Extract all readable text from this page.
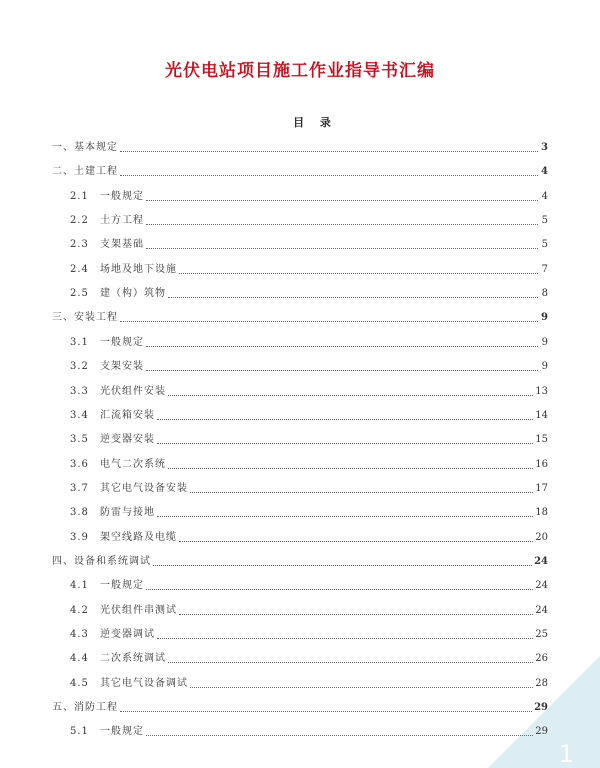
光伏电站项目施工作业指导书汇编
目 录
一、基本规定	3
二、土建工程	4
2.1	一般规定	4
2.2	土方工程	5
2.3	支架基础	5
2.4	场地及地下设施	7
2.5	建（构）筑物	8
三、安装工程	9
3.1	一般规定	9
3.2	支架安装	9
3.3	光伏组件安装	13
3.4	汇流箱安装	14
3.5	逆变器安装	15
3.6	电气二次系统	16
3.7	其它电气设备安装	17
3.8	防雷与接地	18
3.9	架空线路及电缆	20
四、设备和系统调试	24
4.1	一般规定	24
4.2	光伏组件串测试	24
4.3	逆变器调试	25
4.4	二次系统调试	26
4.5	其它电气设备调试	28
五、消防工程	29
5.1	一般规定	29
1
